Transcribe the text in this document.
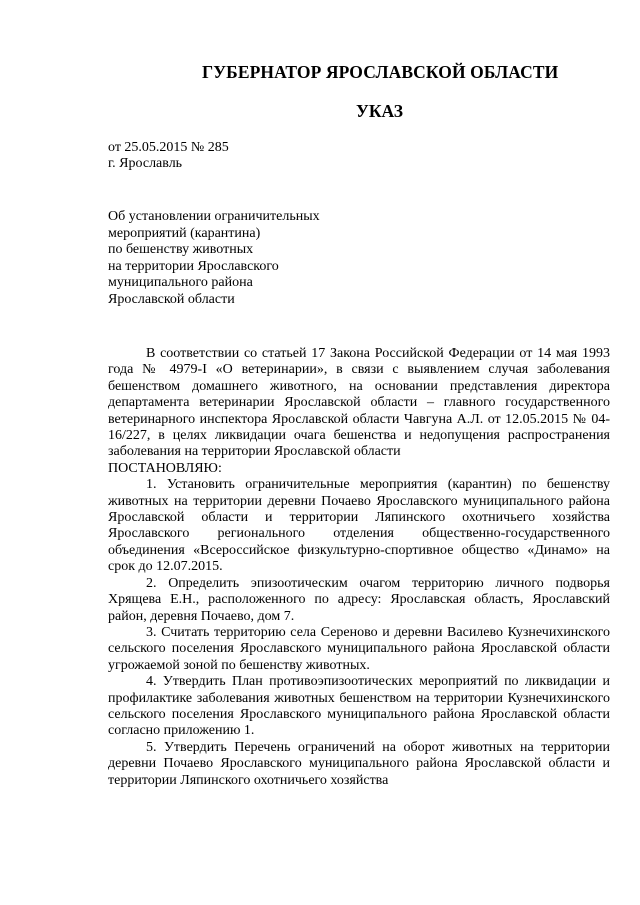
ГУБЕРНАТОР ЯРОСЛАВСКОЙ ОБЛАСТИ
УКАЗ
от 25.05.2015 № 285
г. Ярославль
Об установлении ограничительных
мероприятий (карантина)
по бешенству животных
на территории Ярославского
муниципального района
Ярославской области

В соответствии со статьей 17 Закона Российской Федерации от 14 мая 1993 года № 4979-I «О ветеринарии», в связи с выявлением случая заболевания бешенством домашнего животного, на основании представления директора департамента ветеринарии Ярославской области – главного государственного ветеринарного инспектора Ярославской области Чавгуна А.Л. от 12.05.2015 № 04-16/227, в целях ликвидации очага бешенства и недопущения распространения заболевания на территории Ярославской области

ПОСТАНОВЛЯЮ:

1. Установить ограничительные мероприятия (карантин) по бешенству животных на территории деревни Почаево Ярославского муниципального района Ярославской области и территории Ляпинского охотничьего хозяйства Ярославского регионального отделения общественно-государственного объединения «Всероссийское физкультурно-спортивное общество «Динамо» на срок до 12.07.2015.

2. Определить эпизоотическим очагом территорию личного подворья Хрящева Е.Н., расположенного по адресу: Ярославская область, Ярославский район, деревня Почаево, дом 7.

3. Считать территорию села Сереново и деревни Василево Кузнечихинского сельского поселения Ярославского муниципального района Ярославской области угрожаемой зоной по бешенству животных.

4. Утвердить План противоэпизоотических мероприятий по ликвидации и профилактике заболевания животных бешенством на территории Кузнечихинского сельского поселения Ярославского муниципального района Ярославской области согласно приложению 1.

5. Утвердить Перечень ограничений на оборот животных на территории деревни Почаево Ярославского муниципального района Ярославской области и территории Ляпинского охотничьего хозяйства
